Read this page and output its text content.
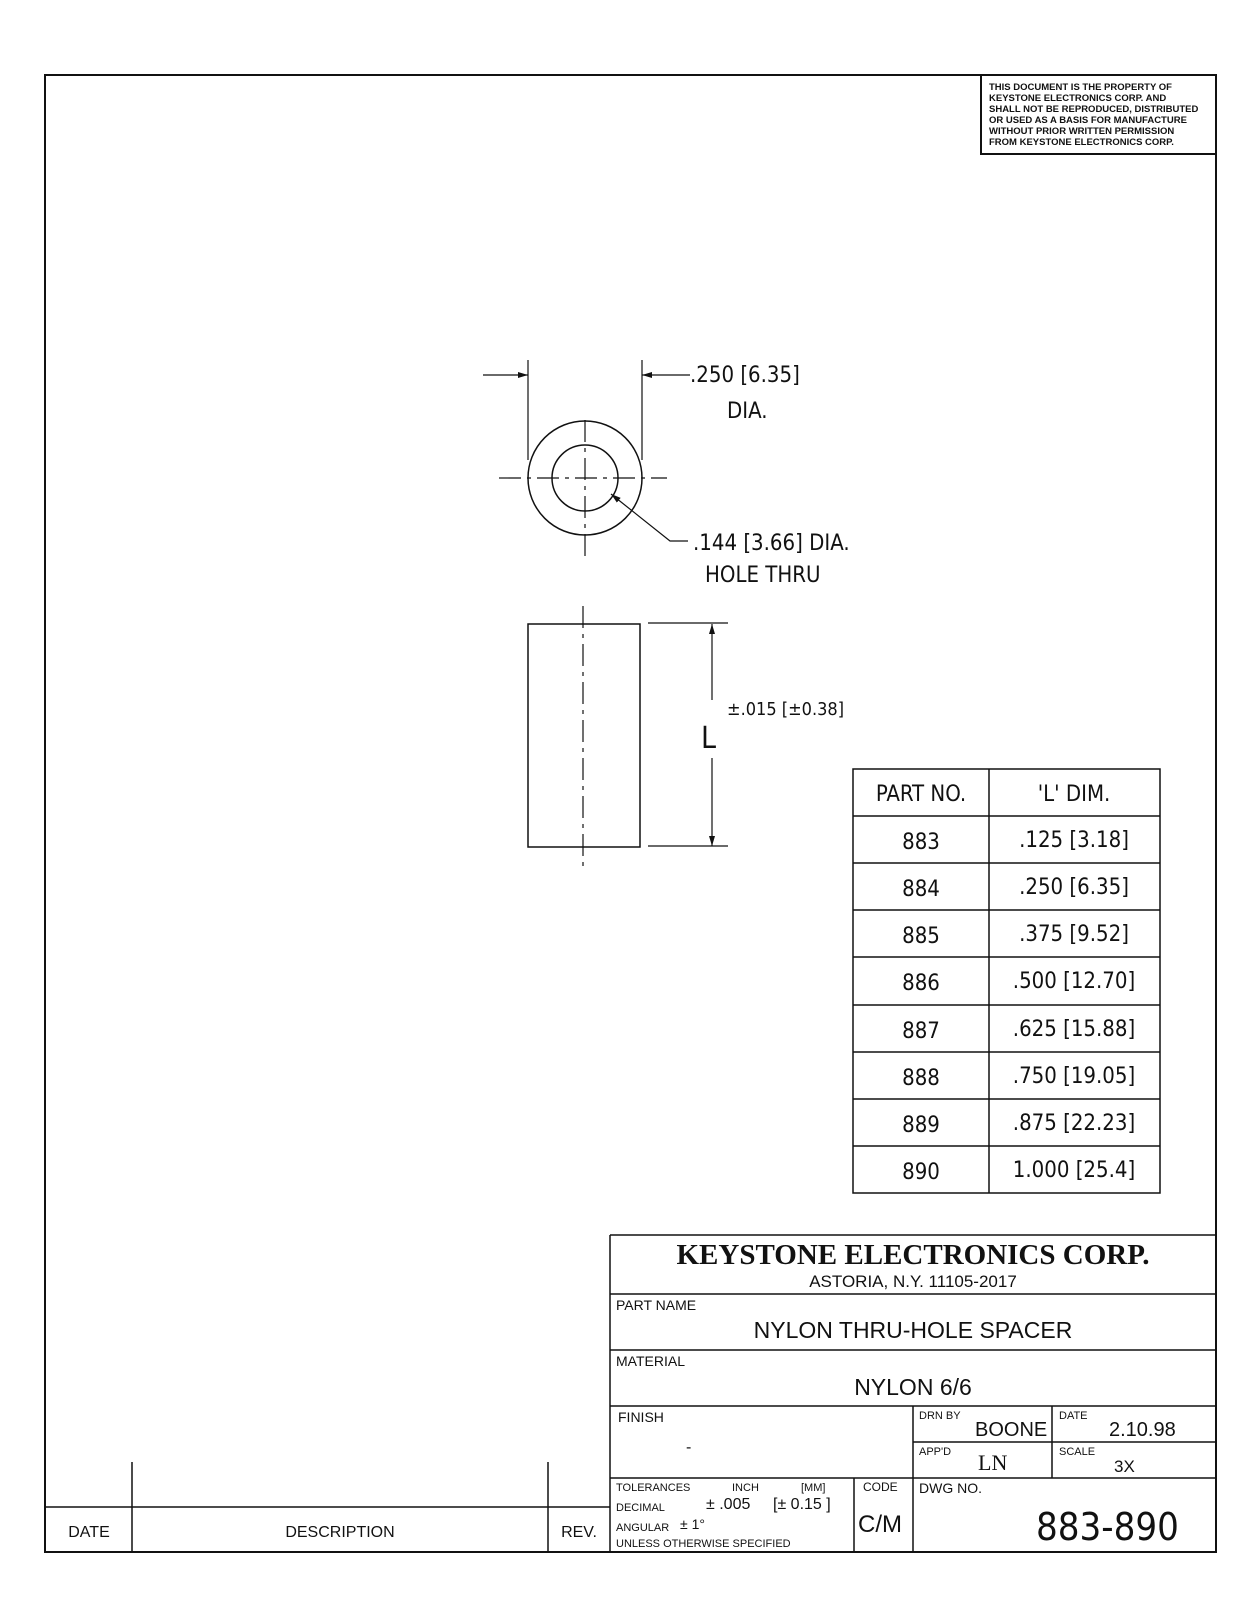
THIS DOCUMENT IS THE PROPERTY OF
KEYSTONE ELECTRONICS CORP. AND
SHALL NOT BE REPRODUCED, DISTRIBUTED
OR USED AS A BASIS FOR MANUFACTURE
WITHOUT PRIOR WRITTEN PERMISSION
FROM KEYSTONE ELECTRONICS CORP.
.250 [6.35]
DIA.
.144 [3.66] DIA.
HOLE THRU
L
±.015 [±0.38]
PART NO.	'L' DIM.
883	.125 [3.18]
884	.250 [6.35]
885	.375 [9.52]
886	.500 [12.70]
887	.625 [15.88]
888	.750 [19.05]
889	.875 [22.23]
890	1.000 [25.4]
KEYSTONE ELECTRONICS CORP.
ASTORIA, N.Y. 11105-2017
PART NAME
NYLON THRU-HOLE SPACER
MATERIAL
NYLON 6/6
FINISH
-
DRN BY
BOONE
DATE
2.10.98
APP'D LN	SCALE
3X
TOLERANCES	INCH	[MM]
DECIMAL	± .005 [± 0.15 ]
ANGULAR ± 1°
UNLESS OTHERWISE SPECIFIED
CODE
C/M
DWG NO.
883-890
DATE	DESCRIPTION	REV.
